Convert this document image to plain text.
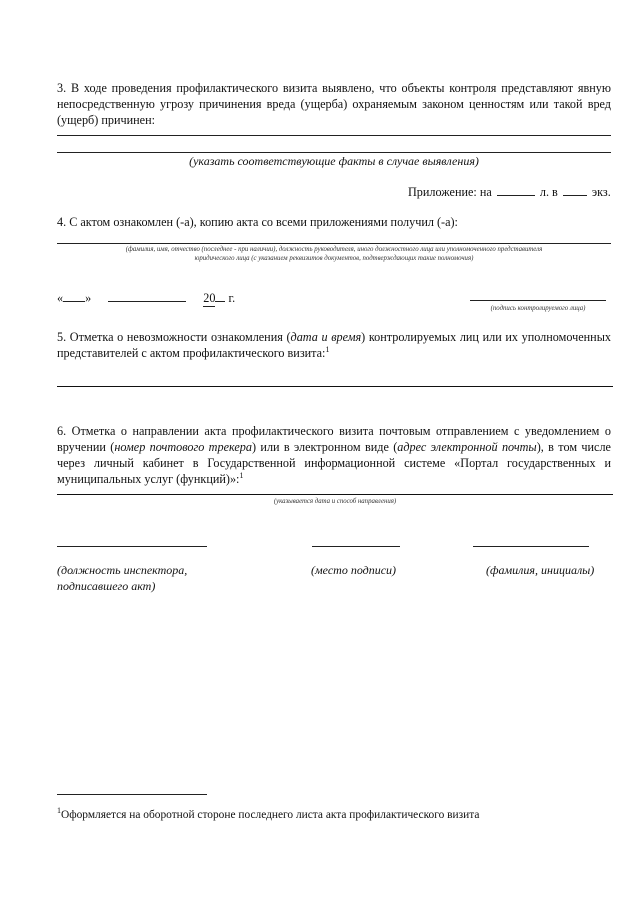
3. В ходе проведения профилактического визита выявлено, что объекты контроля представляют явную непосредственную угрозу причинения вреда (ущерба) охраняемым законом ценностям или такой вред (ущерб) причинен:
(указать соответствующие факты в случае выявления)
Приложение: на	л. в	экз.
4. С актом ознакомлен (-а), копию акта со всеми приложениями получил (-а):
(фамилия, имя, отчество (последнее - при наличии), должность руководителя, иного должностного лица или уполномоченного представителя
юридического лица (с указанием реквизитов документов, подтверждающих такие полномочия)
« »	20 г.
(подпись контролируемого лица)
5. Отметка о невозможности ознакомления (дата и время) контролируемых лиц или их уполномоченных представителей с актом профилактического визита:$^1$
6. Отметка о направлении акта профилактического визита почтовым отправлением с уведомлением о вручении (номер почтового трекера) или в электронном виде (адрес электронной почты), в том числе через личный кабинет в Государственной информационной системе «Портал государственных и муниципальных услуг (функций)»:$^1$
(указывается дата и способ направления)
(должность инспектора,
подписавшего акт)
(место подписи)	(фамилия, инициалы)
$^1$Оформляется на оборотной стороне последнего листа акта профилактического визита
